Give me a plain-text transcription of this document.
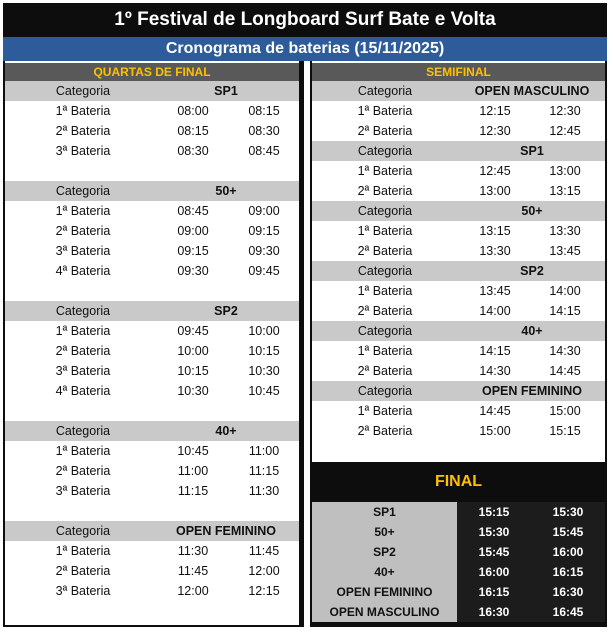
1º Festival de Longboard Surf Bate e Volta
Cronograma de baterias (15/11/2025)
QUARTAS DE FINAL
Categoria	SP1
1ª Bateria	08:00	08:15
2ª Bateria	08:15	08:30
3ª Bateria	08:30	08:45
Categoria	50+
1ª Bateria	08:45	09:00
2ª Bateria	09:00	09:15
3ª Bateria	09:15	09:30
4ª Bateria	09:30	09:45
Categoria	SP2
1ª Bateria	09:45	10:00
2ª Bateria	10:00	10:15
3ª Bateria	10:15	10:30
4ª Bateria	10:30	10:45
Categoria	40+
1ª Bateria	10:45	11:00
2ª Bateria	11:00	11:15
3ª Bateria	11:15	11:30
Categoria	OPEN FEMININO
1ª Bateria	11:30	11:45
2ª Bateria	11:45	12:00
3ª Bateria	12:00	12:15
SEMIFINAL
Categoria	OPEN MASCULINO
1ª Bateria	12:15	12:30
2ª Bateria	12:30	12:45
Categoria	SP1
1ª Bateria	12:45	13:00
2ª Bateria	13:00	13:15
Categoria	50+
1ª Bateria	13:15	13:30
2ª Bateria	13:30	13:45
Categoria	SP2
1ª Bateria	13:45	14:00
2ª Bateria	14:00	14:15
Categoria	40+
1ª Bateria	14:15	14:30
2ª Bateria	14:30	14:45
Categoria	OPEN FEMININO
1ª Bateria	14:45	15:00
2ª Bateria	15:00	15:15
FINAL
SP1	15:15	15:30
50+	15:30	15:45
SP2	15:45	16:00
40+	16:00	16:15
OPEN FEMININO	16:15	16:30
OPEN MASCULINO	16:30	16:45
